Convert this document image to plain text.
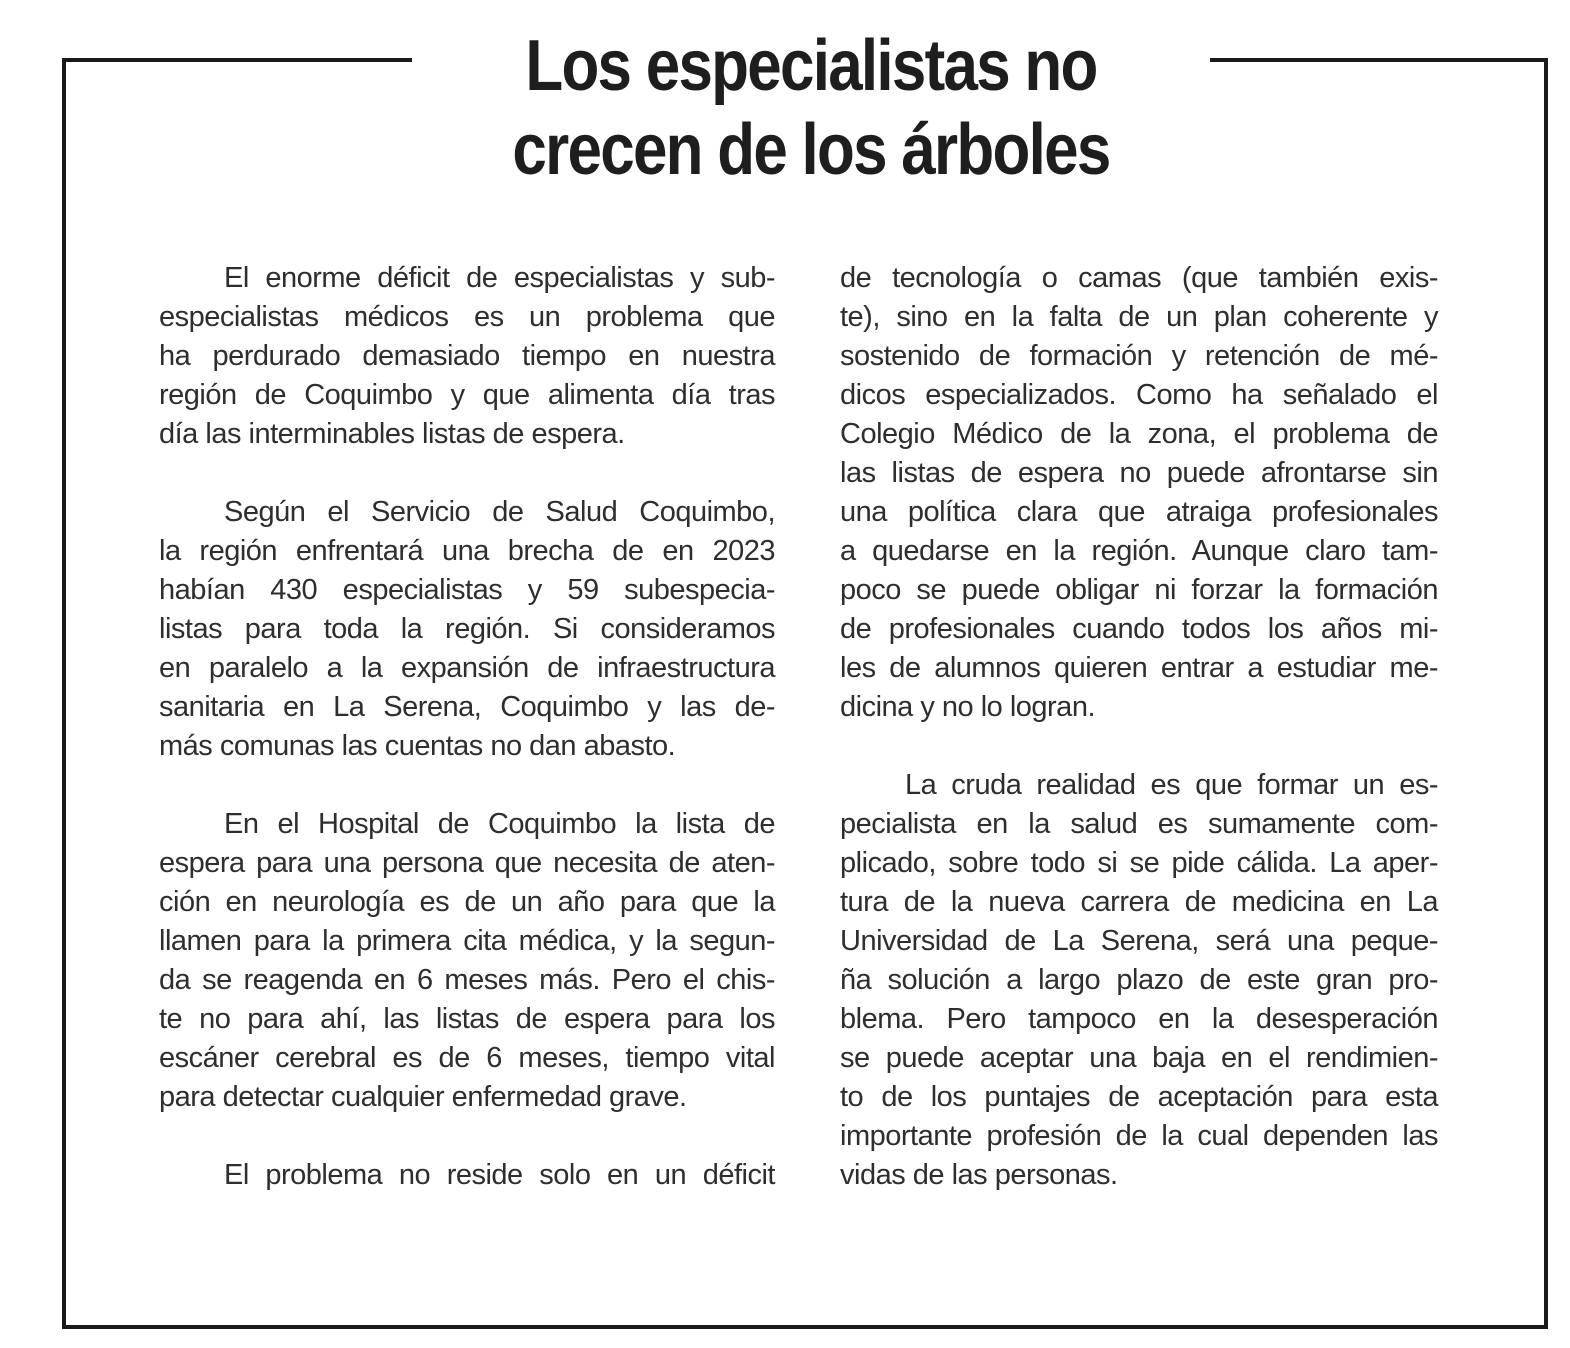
Los especialistas no
crecen de los árboles
El enorme déficit de especialistas y sub-
especialistas médicos es un problema que
ha perdurado demasiado tiempo en nuestra
región de Coquimbo y que alimenta día tras
día las interminables listas de espera.
Según el Servicio de Salud Coquimbo,
la región enfrentará una brecha de en 2023
habían 430 especialistas y 59 subespecia-
listas para toda la región. Si consideramos
en paralelo a la expansión de infraestructura
sanitaria en La Serena, Coquimbo y las de-
más comunas las cuentas no dan abasto.
En el Hospital de Coquimbo la lista de
espera para una persona que necesita de aten-
ción en neurología es de un año para que la
llamen para la primera cita médica, y la segun-
da se reagenda en 6 meses más. Pero el chis-
te no para ahí, las listas de espera para los
escáner cerebral es de 6 meses, tiempo vital
para detectar cualquier enfermedad grave.
El problema no reside solo en un déficit
de tecnología o camas (que también exis-
te), sino en la falta de un plan coherente y
sostenido de formación y retención de mé-
dicos especializados. Como ha señalado el
Colegio Médico de la zona, el problema de
las listas de espera no puede afrontarse sin
una política clara que atraiga profesionales
a quedarse en la región. Aunque claro tam-
poco se puede obligar ni forzar la formación
de profesionales cuando todos los años mi-
les de alumnos quieren entrar a estudiar me-
dicina y no lo logran.
La cruda realidad es que formar un es-
pecialista en la salud es sumamente com-
plicado, sobre todo si se pide cálida. La aper-
tura de la nueva carrera de medicina en La
Universidad de La Serena, será una peque-
ña solución a largo plazo de este gran pro-
blema. Pero tampoco en la desesperación
se puede aceptar una baja en el rendimien-
to de los puntajes de aceptación para esta
importante profesión de la cual dependen las
vidas de las personas.
